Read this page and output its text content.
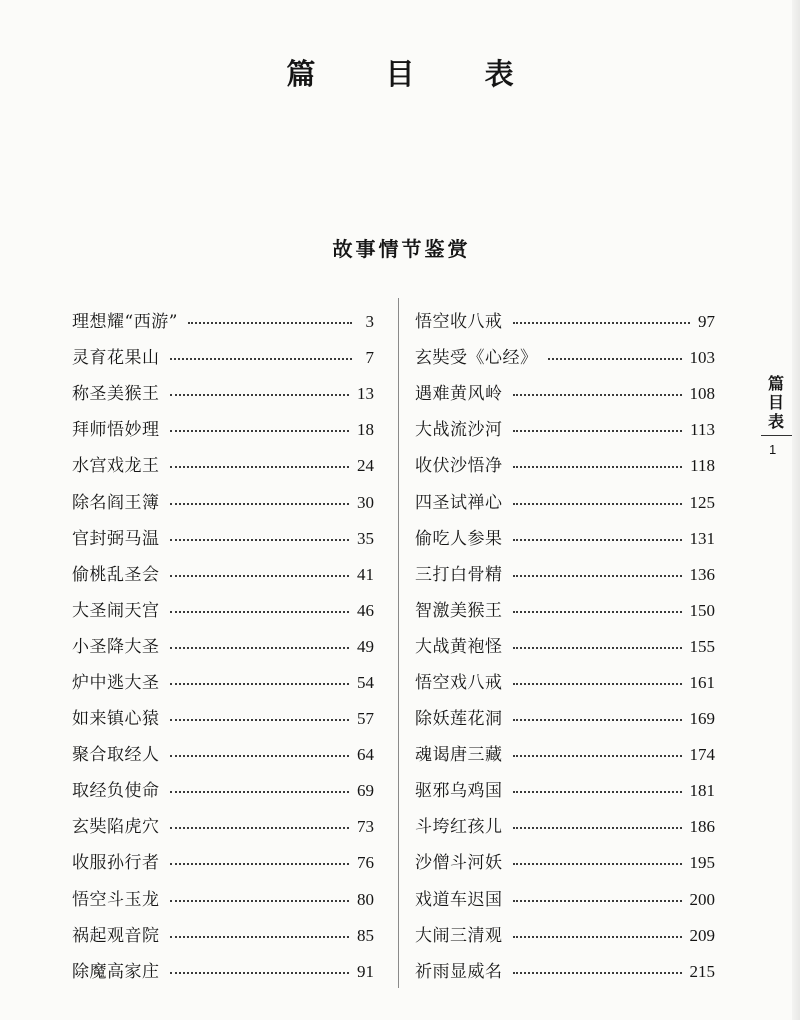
篇 目 表
故事情节鉴赏
理想耀“西游”	3
灵育花果山	7
称圣美猴王	13
拜师悟妙理	18
水宫戏龙王	24
除名阎王簿	30
官封弼马温	35
偷桃乱圣会	41
大圣闹天宫	46
小圣降大圣	49
炉中逃大圣	54
如来镇心猿	57
聚合取经人	64
取经负使命	69
玄奘陷虎穴	73
收服孙行者	76
悟空斗玉龙	80
祸起观音院	85
除魔高家庄	91
悟空收八戒	97
玄奘受《心经》	103
遇难黄风岭	108
大战流沙河	113
收伏沙悟净	118
四圣试禅心	125
偷吃人参果	131
三打白骨精	136
智激美猴王	150
大战黄袍怪	155
悟空戏八戒	161
除妖莲花洞	169
魂谒唐三藏	174
驱邪乌鸡国	181
斗垮红孩儿	186
沙僧斗河妖	195
戏道车迟国	200
大闹三清观	209
祈雨显威名	215
篇目表
1
